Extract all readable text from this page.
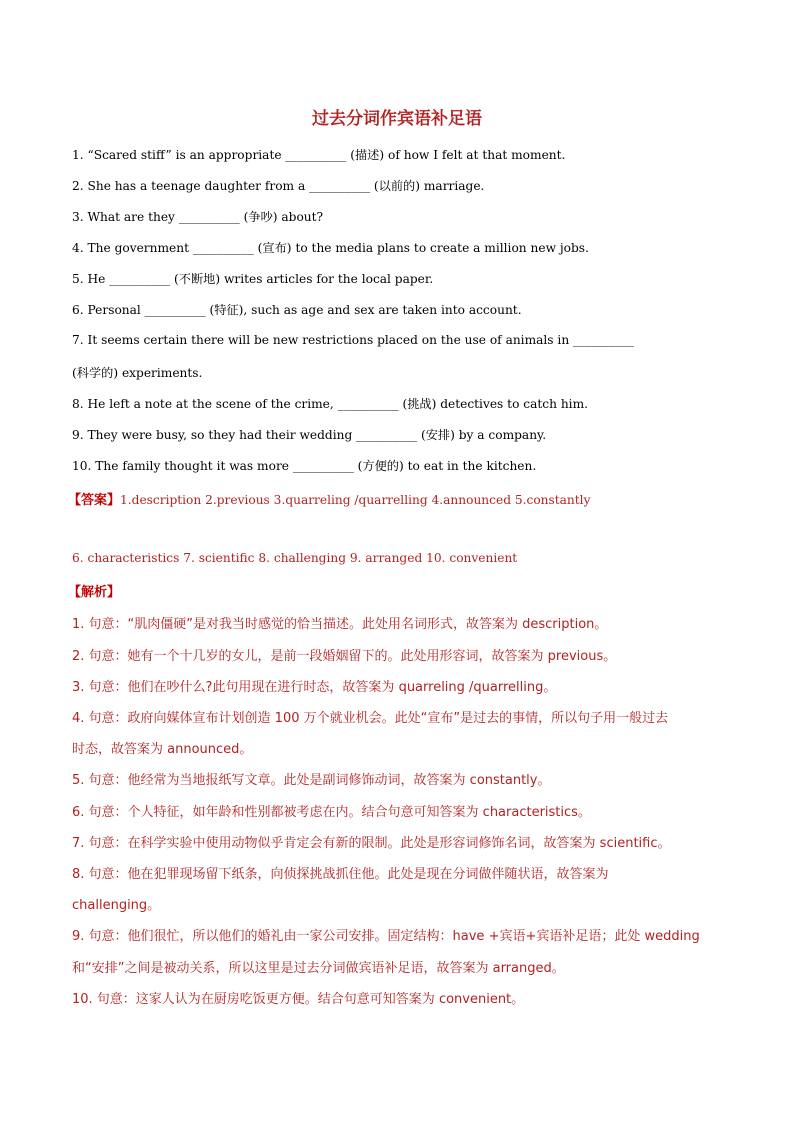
过去分词作宾语补足语
1. “Scared stiff” is an appropriate __________ (描述) of how I felt at that moment.
2. She has a teenage daughter from a __________ (以前的) marriage.
3. What are they __________ (争吵) about?
4. The government __________ (宣布) to the media plans to create a million new jobs.
5. He __________ (不断地) writes articles for the local paper.
6. Personal __________ (特征), such as age and sex are taken into account.
7. It seems certain there will be new restrictions placed on the use of animals in __________
(科学的) experiments.
8. He left a note at the scene of the crime, __________ (挑战) detectives to catch him.
9. They were busy, so they had their wedding __________ (安排) by a company.
10. The family thought it was more __________ (方便的) to eat in the kitchen.
【答案】1.description 2.previous 3.quarreling /quarrelling 4.announced 5.constantly
6. characteristics 7. scientific 8. challenging 9. arranged 10. convenient
【解析】
1. 句意：“肌肉僵硬”是对我当时感觉的恰当描述。此处用名词形式，故答案为 description。
2. 句意：她有一个十几岁的女儿，是前一段婚姻留下的。此处用形容词，故答案为 previous。
3. 句意：他们在吵什么?此句用现在进行时态，故答案为 quarreling /quarrelling。
4. 句意：政府向媒体宣布计划创造 100 万个就业机会。此处“宣布”是过去的事情，所以句子用一般过去
时态，故答案为 announced。
5. 句意：他经常为当地报纸写文章。此处是副词修饰动词，故答案为 constantly。
6. 句意：个人特征，如年龄和性别都被考虑在内。结合句意可知答案为 characteristics。
7. 句意：在科学实验中使用动物似乎肯定会有新的限制。此处是形容词修饰名词，故答案为 scientific。
8. 句意：他在犯罪现场留下纸条，向侦探挑战抓住他。此处是现在分词做伴随状语，故答案为
challenging。
9. 句意：他们很忙，所以他们的婚礼由一家公司安排。固定结构：have +宾语+宾语补足语；此处 wedding
和“安排”之间是被动关系，所以这里是过去分词做宾语补足语，故答案为 arranged。
10. 句意：这家人认为在厨房吃饭更方便。结合句意可知答案为 convenient。
